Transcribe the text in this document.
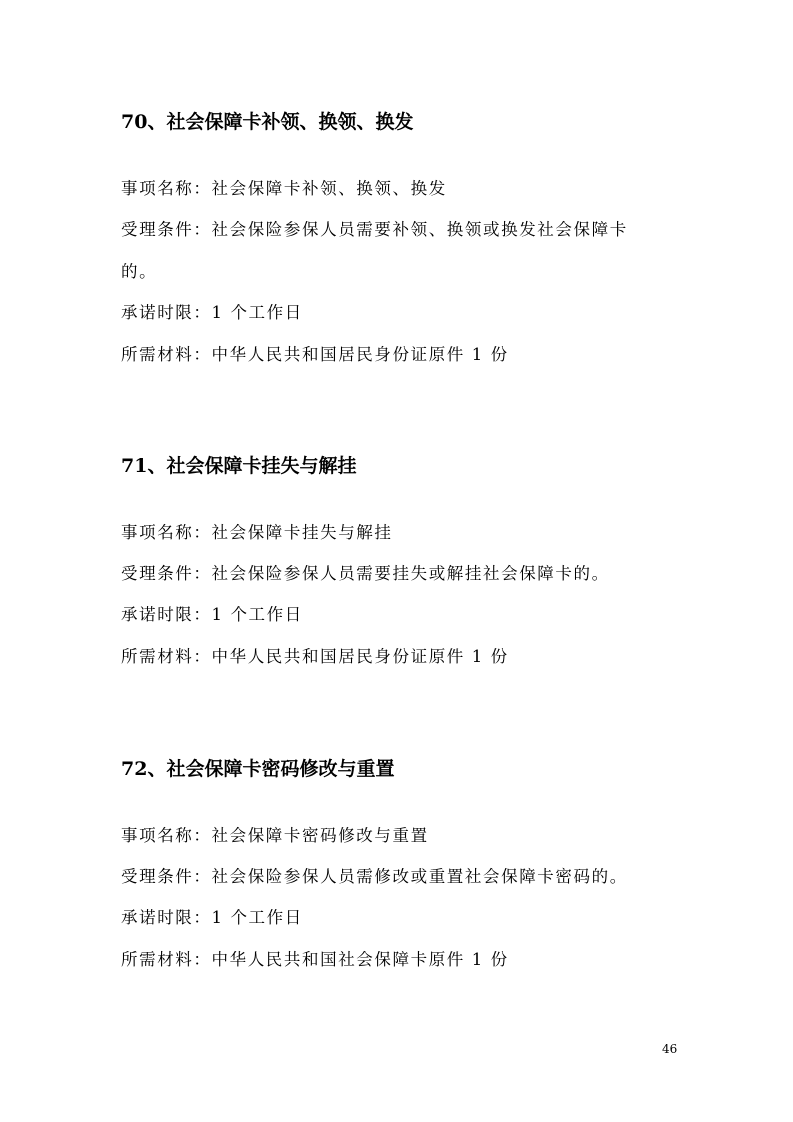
70、社会保障卡补领、换领、换发

事项名称：社会保障卡补领、换领、换发

受理条件：社会保险参保人员需要补领、换领或换发社会保障卡

的。

承诺时限：1 个工作日

所需材料：中华人民共和国居民身份证原件 1 份

71、社会保障卡挂失与解挂

事项名称：社会保障卡挂失与解挂

受理条件：社会保险参保人员需要挂失或解挂社会保障卡的。

承诺时限：1 个工作日

所需材料：中华人民共和国居民身份证原件 1 份

72、社会保障卡密码修改与重置

事项名称：社会保障卡密码修改与重置

受理条件：社会保险参保人员需修改或重置社会保障卡密码的。

承诺时限：1 个工作日

所需材料：中华人民共和国社会保障卡原件 1 份

46
